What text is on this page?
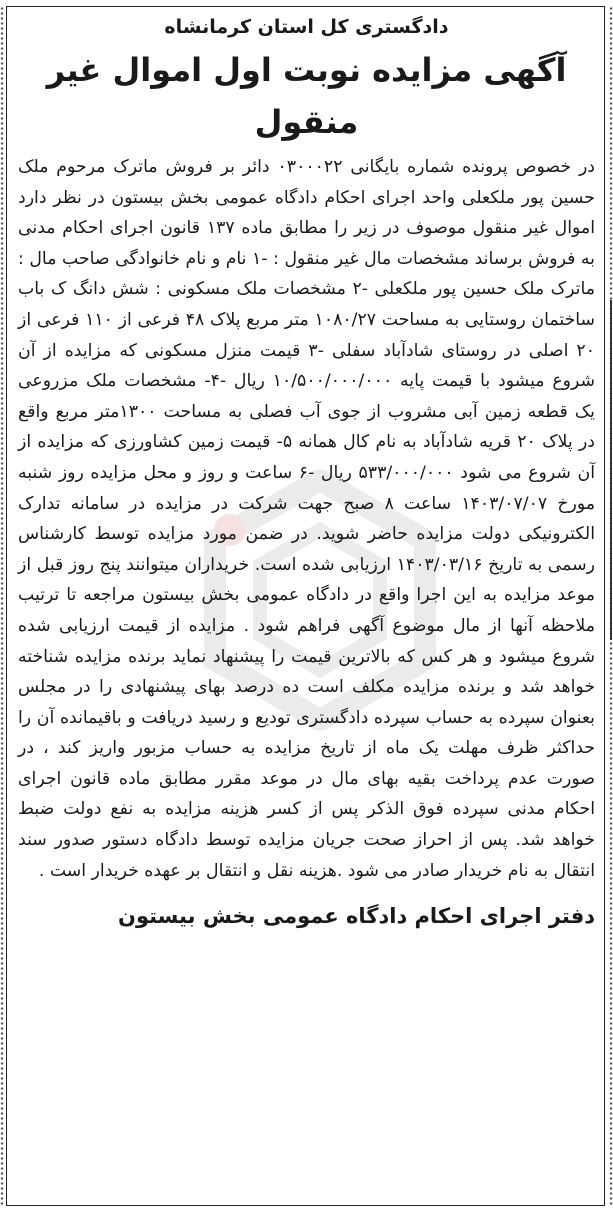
دادگستری کل استان کرمانشاه

آگهی مزایده نوبت اول اموال غیر منقول

در خصوص پرونده شماره بایگانی ۰۳۰۰۰۲۲ دائر بر فروش ماترک مرحوم ملک حسین پور ملکعلی واحد اجرای احکام دادگاه عمومی بخش بیستون در نظر دارد اموال غیر منقول موصوف در زیر را مطابق ماده ۱۳۷ قانون اجرای احکام مدنی به فروش برساند مشخصات مال غیر منقول : -۱ نام و نام خانوادگی صاحب مال : ماترک ملک حسین پور ملکعلی -۲ مشخصات ملک مسکونی : شش دانگ ک باب ساختمان روستایی به مساحت ۱۰۸۰/۲۷ متر مربع پلاک ۴۸ فرعی از ۱۱۰ فرعی از ۲۰ اصلی در روستای شادآباد سفلی -۳ قیمت منزل مسکونی که مزایده از آن شروع میشود با قیمت پایه ۱۰/۵۰۰/۰۰۰/۰۰۰ ریال -۴- مشخصات ملک مزروعی یک قطعه زمین آبی مشروب از جوی آب فصلی به مساحت ۱۳۰۰متر مربع واقع در پلاک ۲۰ قریه شادآباد به نام کال همانه ۵- قیمت زمین کشاورزی که مزایده از آن شروع می شود ۵۳۳/۰۰۰/۰۰۰ ریال -۶ ساعت و روز و محل مزایده روز شنبه مورخ ۱۴۰۳/۰۷/۰۷ ساعت ۸ صبح جهت شرکت در مزایده در سامانه تدارک الکترونیکی دولت مزایده حاضر شوید. در ضمن مورد مزایده توسط کارشناس رسمی به تاریخ ۱۴۰۳/۰۳/۱۶ ارزیابی شده است. خریداران میتوانند پنج روز قبل از موعد مزایده به این اجرا واقع در دادگاه عمومی بخش بیستون مراجعه تا ترتیب ملاحظه آنها از مال موضوع آگهی فراهم شود . مزایده از قیمت ارزیابی شده شروع میشود و هر کس که بالاترین قیمت را پیشنهاد نماید برنده مزایده شناخته خواهد شد و برنده مزایده مکلف است ده درصد بهای پیشنهادی را در مجلس بعنوان سپرده به حساب سپرده دادگستری تودیع و رسید دریافت و باقیمانده آن را حداکثر ظرف مهلت یک ماه از تاریخ مزایده به حساب مزبور واریز کند ، در صورت عدم پرداخت بقیه بهای مال در موعد مقرر مطابق ماده قانون اجرای احکام مدنی سپرده فوق الذکر پس از کسر هزینه مزایده به نفع دولت ضبط خواهد شد. پس از احراز صحت جریان مزایده توسط دادگاه دستور صدور سند انتقال به نام خریدار صادر می شود .هزینه نقل و انتقال بر عهده خریدار است .

دفتر اجرای احکام دادگاه عمومی بخش بیستون
